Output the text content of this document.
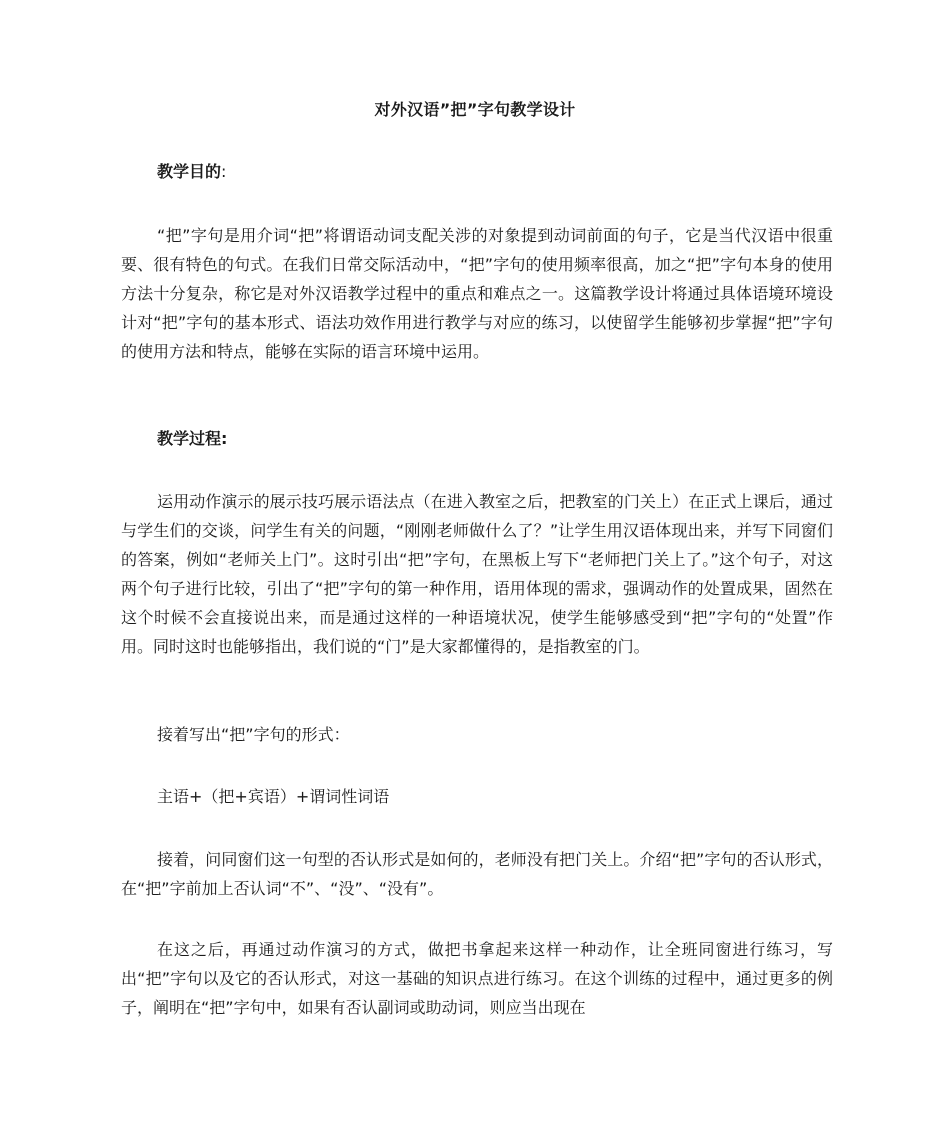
对外汉语”把”字句教学设计
教学目的:

“把”字句是用介词“把”将谓语动词支配关涉的对象提到动词前面的句子，它是当代汉语中很重要、很有特色的句式。在我们日常交际活动中，“把”字句的使用频率很高，加之“把”字句本身的使用方法十分复杂，称它是对外汉语教学过程中的重点和难点之一。这篇教学设计将通过具体语境环境设计对“把”字句的基本形式、语法功效作用进行教学与对应的练习，以使留学生能够初步掌握“把”字句的使用方法和特点，能够在实际的语言环境中运用。

教学过程:

运用动作演示的展示技巧展示语法点（在进入教室之后，把教室的门关上）在正式上课后，通过与学生们的交谈，问学生有关的问题，“刚刚老师做什么了？”让学生用汉语体现出来，并写下同窗们的答案，例如“老师关上门”。这时引出“把”字句，在黑板上写下“老师把门关上了。”这个句子，对这两个句子进行比较，引出了“把”字句的第一种作用，语用体现的需求，强调动作的处置成果，固然在这个时候不会直接说出来，而是通过这样的一种语境状况，使学生能够感受到“把”字句的“处置”作用。同时这时也能够指出，我们说的“门”是大家都懂得的，是指教室的门。

接着写出“把”字句的形式：
主语+（把+宾语）+谓词性词语

接着，问同窗们这一句型的否认形式是如何的，老师没有把门关上。介绍“把”字句的否认形式，在“把”字前加上否认词“不”、“没”、“没有”。

在这之后，再通过动作演习的方式，做把书拿起来这样一种动作，让全班同窗进行练习，写出“把”字句以及它的否认形式，对这一基础的知识点进行练习。在这个训练的过程中，通过更多的例子，阐明在“把”字句中，如果有否认副词或助动词，则应当出现在
